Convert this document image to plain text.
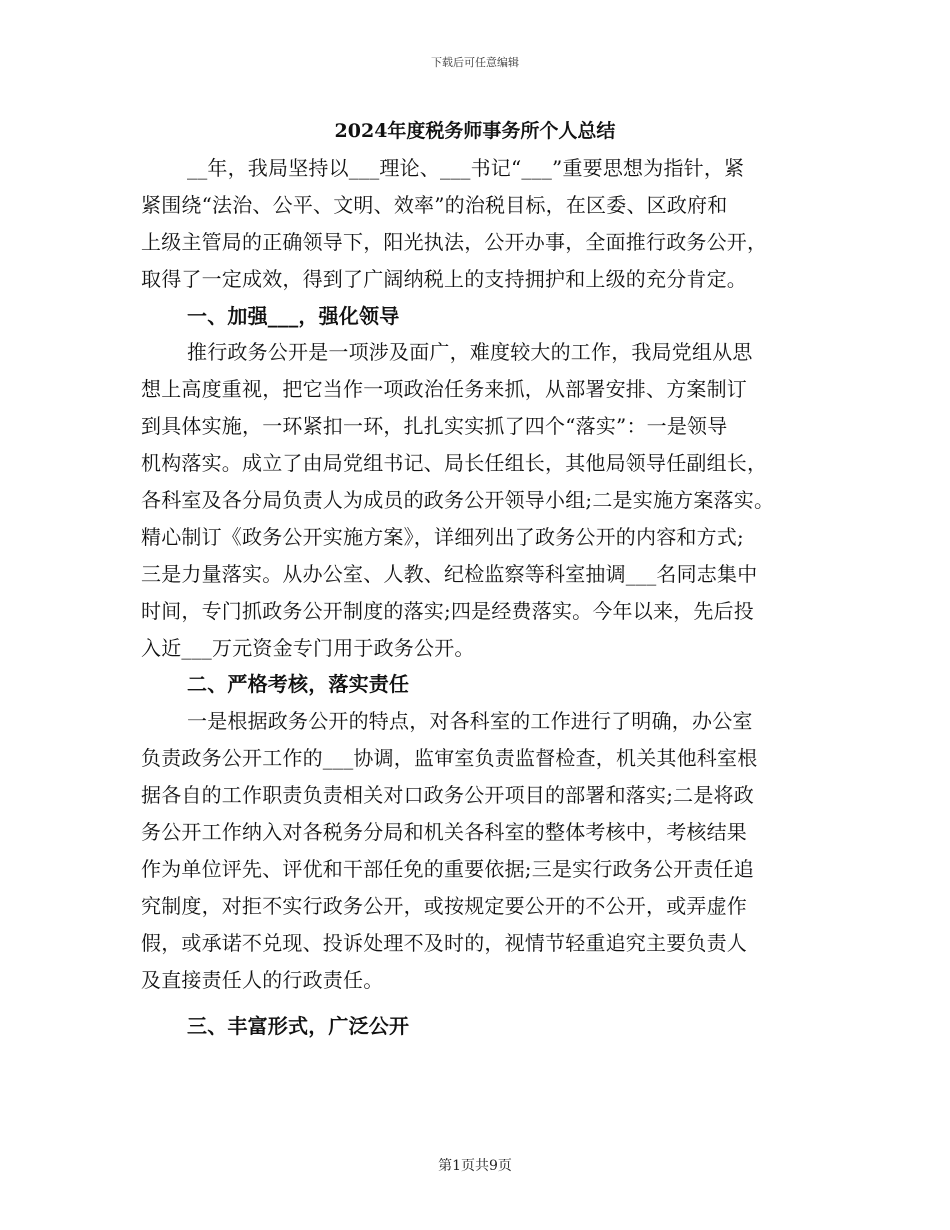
下载后可任意编辑
2024年度税务师事务所个人总结
__年，我局坚持以___理论、___书记“___”重要思想为指针，紧
紧围绕“法治、公平、文明、效率”的治税目标，在区委、区政府和
上级主管局的正确领导下，阳光执法，公开办事，全面推行政务公开，
取得了一定成效，得到了广阔纳税上的支持拥护和上级的充分肯定。
一、加强___，强化领导
推行政务公开是一项涉及面广，难度较大的工作，我局党组从思
想上高度重视，把它当作一项政治任务来抓，从部署安排、方案制订
到具体实施，一环紧扣一环，扎扎实实抓了四个“落实”：一是领导
机构落实。成立了由局党组书记、局长任组长，其他局领导任副组长，
各科室及各分局负责人为成员的政务公开领导小组;二是实施方案落实。
精心制订《政务公开实施方案》，详细列出了政务公开的内容和方式;
三是力量落实。从办公室、人教、纪检监察等科室抽调___名同志集中
时间，专门抓政务公开制度的落实;四是经费落实。今年以来，先后投
入近___万元资金专门用于政务公开。
二、严格考核，落实责任
一是根据政务公开的特点，对各科室的工作进行了明确，办公室
负责政务公开工作的___协调，监审室负责监督检查，机关其他科室根
据各自的工作职责负责相关对口政务公开项目的部署和落实;二是将政
务公开工作纳入对各税务分局和机关各科室的整体考核中，考核结果
作为单位评先、评优和干部任免的重要依据;三是实行政务公开责任追
究制度，对拒不实行政务公开，或按规定要公开的不公开，或弄虚作
假，或承诺不兑现、投诉处理不及时的，视情节轻重追究主要负责人
及直接责任人的行政责任。
三、丰富形式，广泛公开
第1页共9页
